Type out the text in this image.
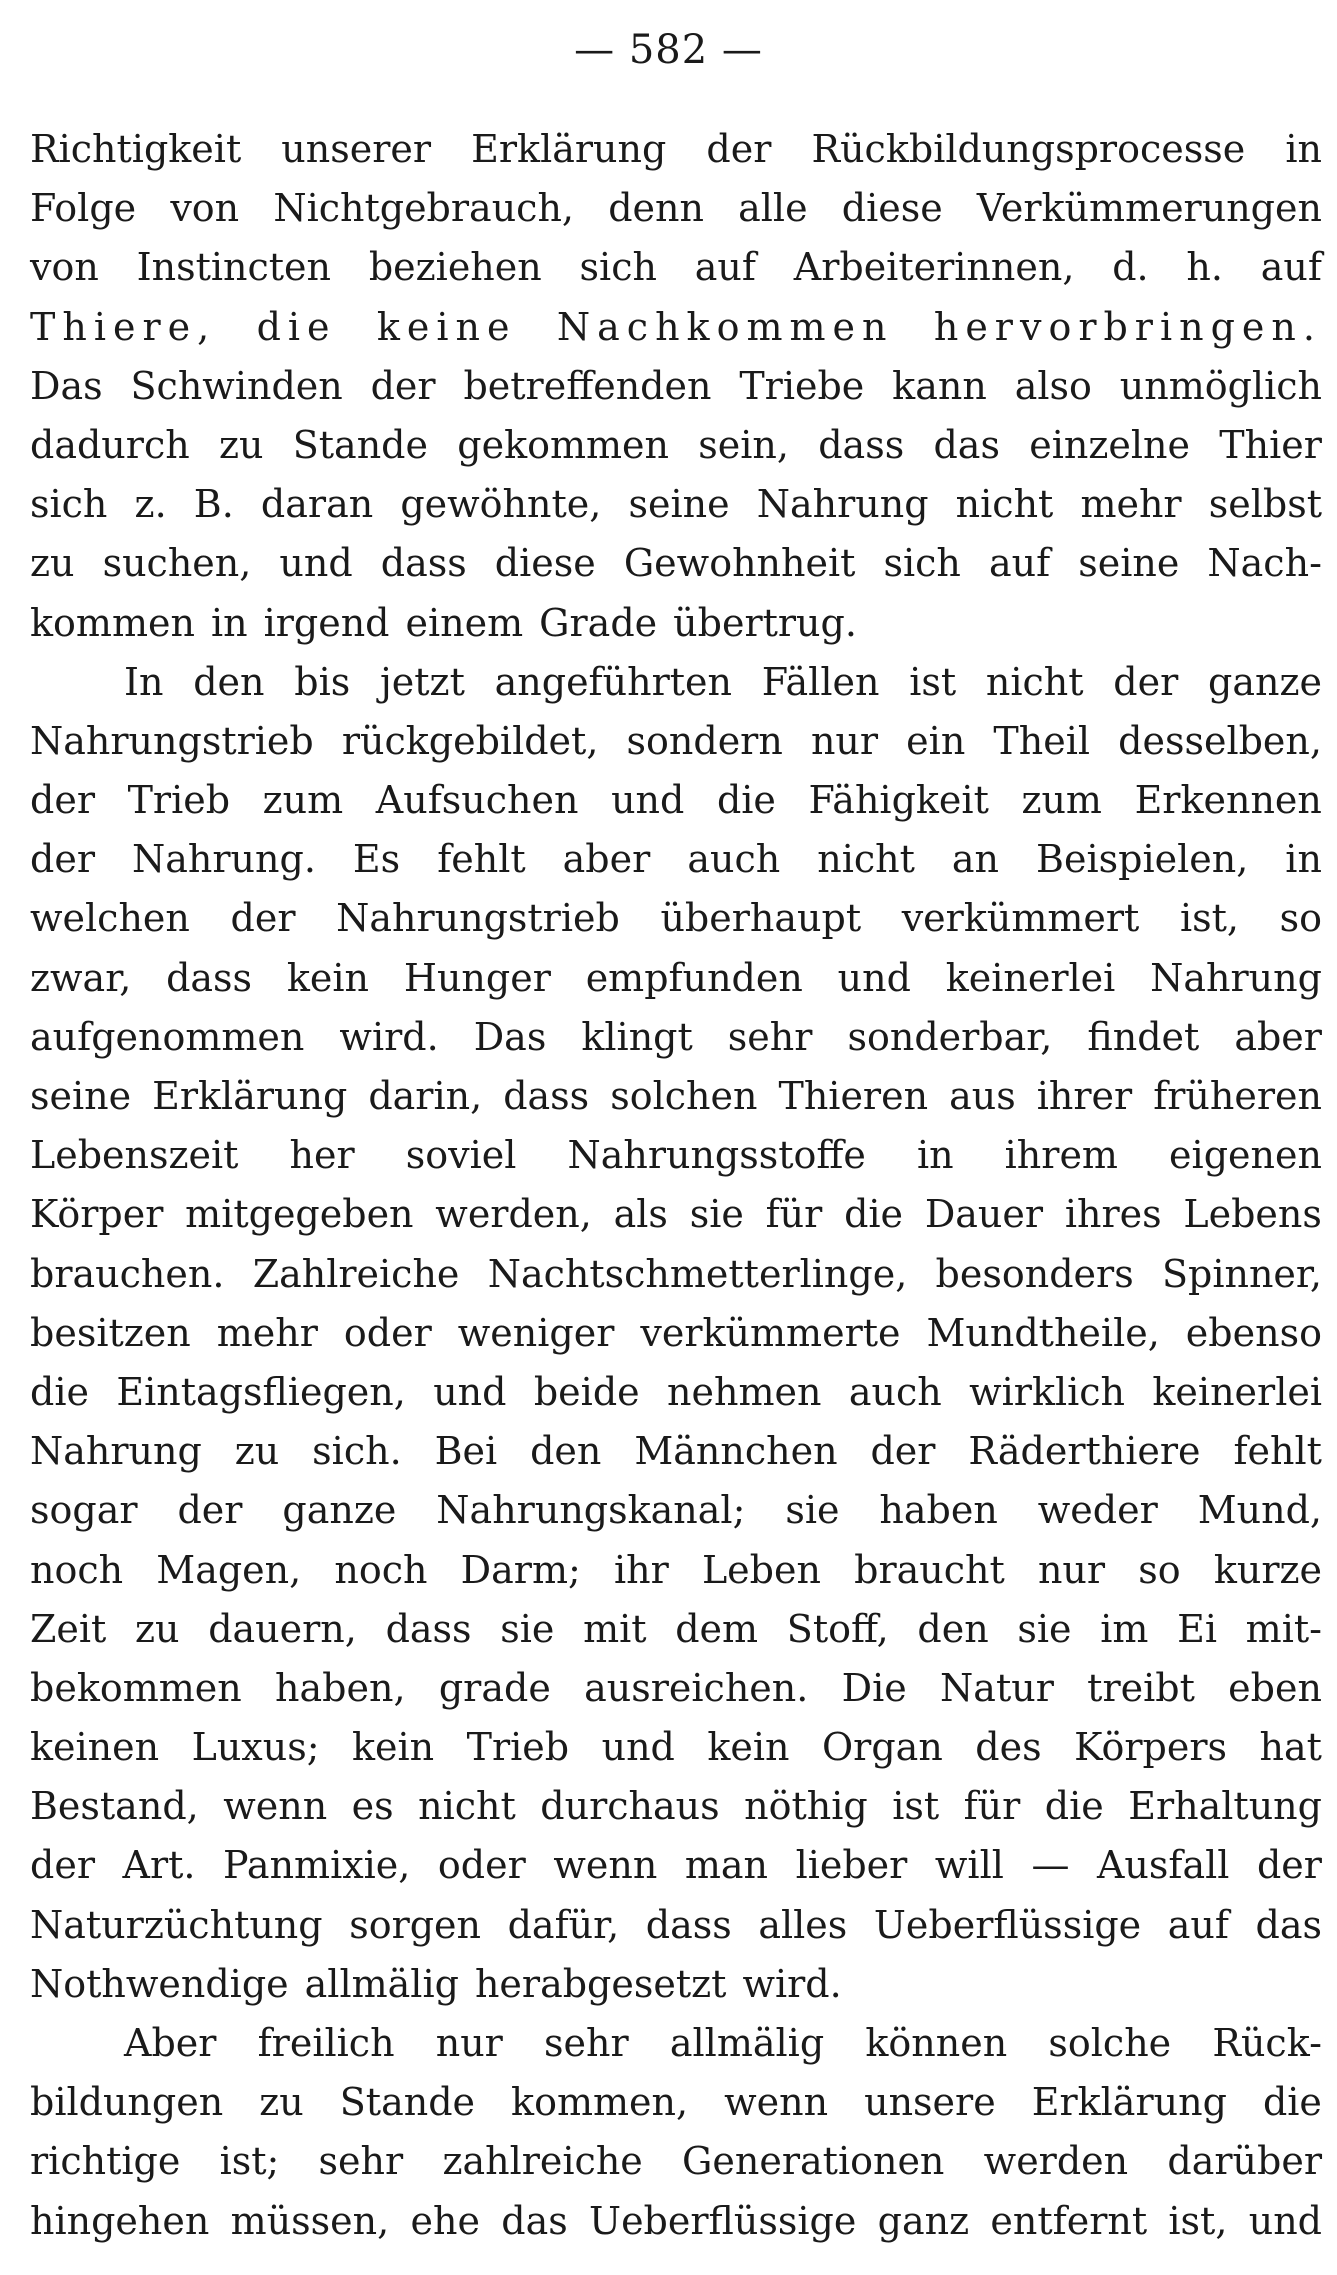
— 582 —
Richtigkeit unserer Erklärung der Rückbildungsprocesse in
Folge von Nichtgebrauch, denn alle diese Verkümmerungen
von Instincten beziehen sich auf Arbeiterinnen, d. h. auf
Thiere, die keine Nachkommen hervorbringen.
Das Schwinden der betreffenden Triebe kann also unmöglich
dadurch zu Stande gekommen sein, dass das einzelne Thier
sich z. B. daran gewöhnte, seine Nahrung nicht mehr selbst
zu suchen, und dass diese Gewohnheit sich auf seine Nach-
kommen in irgend einem Grade übertrug.
In den bis jetzt angeführten Fällen ist nicht der ganze
Nahrungstrieb rückgebildet, sondern nur ein Theil desselben,
der Trieb zum Aufsuchen und die Fähigkeit zum Erkennen
der Nahrung. Es fehlt aber auch nicht an Beispielen, in
welchen der Nahrungstrieb überhaupt verkümmert ist, so
zwar, dass kein Hunger empfunden und keinerlei Nahrung
aufgenommen wird. Das klingt sehr sonderbar, findet aber
seine Erklärung darin, dass solchen Thieren aus ihrer früheren
Lebenszeit her soviel Nahrungsstoffe in ihrem eigenen
Körper mitgegeben werden, als sie für die Dauer ihres Lebens
brauchen. Zahlreiche Nachtschmetterlinge, besonders Spinner,
besitzen mehr oder weniger verkümmerte Mundtheile, ebenso
die Eintagsfliegen, und beide nehmen auch wirklich keinerlei
Nahrung zu sich. Bei den Männchen der Räderthiere fehlt
sogar der ganze Nahrungskanal; sie haben weder Mund,
noch Magen, noch Darm; ihr Leben braucht nur so kurze
Zeit zu dauern, dass sie mit dem Stoff, den sie im Ei mit-
bekommen haben, grade ausreichen. Die Natur treibt eben
keinen Luxus; kein Trieb und kein Organ des Körpers hat
Bestand, wenn es nicht durchaus nöthig ist für die Erhaltung
der Art. Panmixie, oder wenn man lieber will — Ausfall der
Naturzüchtung sorgen dafür, dass alles Ueberflüssige auf das
Nothwendige allmälig herabgesetzt wird.
Aber freilich nur sehr allmälig können solche Rück-
bildungen zu Stande kommen, wenn unsere Erklärung die
richtige ist; sehr zahlreiche Generationen werden darüber
hingehen müssen, ehe das Ueberflüssige ganz entfernt ist, und
